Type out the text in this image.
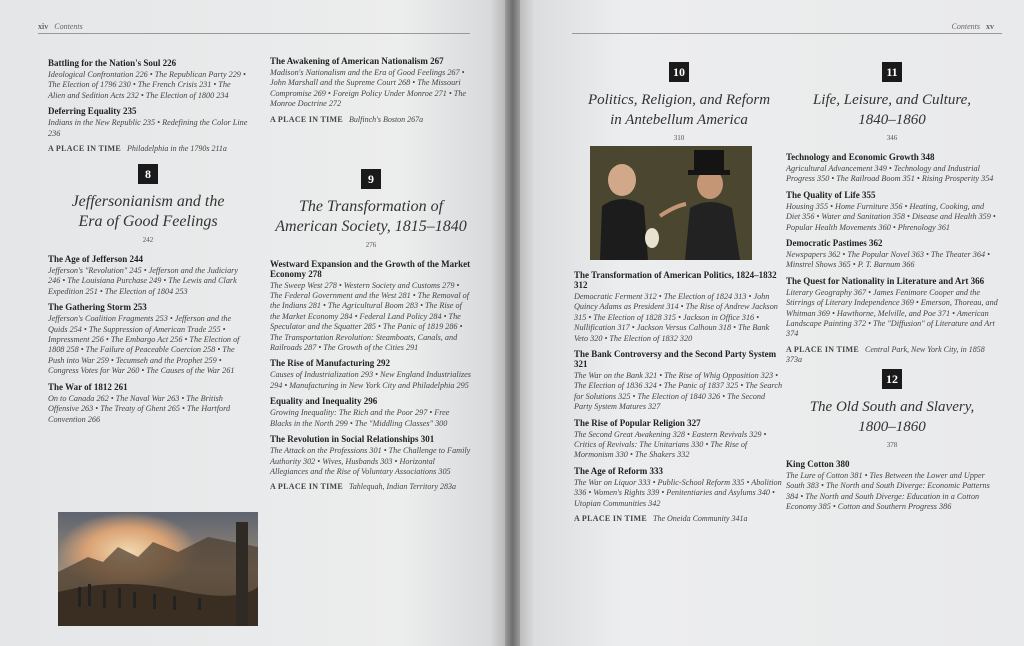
xiv Contents
Battling for the Nation's Soul 226
Ideological Confrontation 226 • The Republican Party 229 • The Election of 1796 230 • The French Crisis 231 • The Alien and Sedition Acts 232 • The Election of 1800 234
Deferring Equality 235
Indians in the New Republic 235 • Redefining the Color Line 236
A PLACE IN TIME Philadelphia in the 1790s 211a
8
Jeffersonianism and the
Era of Good Feelings
242
The Age of Jefferson 244
Jefferson's "Revolution" 245 • Jefferson and the Judiciary 246 • The Louisiana Purchase 249 • The Lewis and Clark Expedition 251 • The Election of 1804 253
The Gathering Storm 253
Jefferson's Coalition Fragments 253 • Jefferson and the Quids 254 • The Suppression of American Trade 255 • Impressment 256 • The Embargo Act 256 • The Election of 1808 258 • The Failure of Peaceable Coercion 258 • The Push into War 259 • Tecumseh and the Prophet 259 • Congress Votes for War 260 • The Causes of the War 261
The War of 1812 261
On to Canada 262 • The Naval War 263 • The British Offensive 263 • The Treaty of Ghent 265 • The Hartford Convention 266
The Awakening of American Nationalism 267
Madison's Nationalism and the Era of Good Feelings 267 • John Marshall and the Supreme Court 268 • The Missouri Compromise 269 • Foreign Policy Under Monroe 271 • The Monroe Doctrine 272
A PLACE IN TIME Bulfinch's Boston 267a
9
The Transformation of
American Society, 1815–1840
276
Westward Expansion and the Growth of the Market Economy 278
The Sweep West 278 • Western Society and Customs 279 • The Federal Government and the West 281 • The Removal of the Indians 281 • The Agricultural Boom 283 • The Rise of the Market Economy 284 • Federal Land Policy 284 • The Speculator and the Squatter 285 • The Panic of 1819 286 • The Transportation Revolution: Steamboats, Canals, and Railroads 287 • The Growth of the Cities 291
The Rise of Manufacturing 292
Causes of Industrialization 293 • New England Industrializes 294 • Manufacturing in New York City and Philadelphia 295
Equality and Inequality 296
Growing Inequality: The Rich and the Poor 297 • Free Blacks in the North 299 • The "Middling Classes" 300
The Revolution in Social Relationships 301
The Attack on the Professions 301 • The Challenge to Family Authority 302 • Wives, Husbands 303 • Horizontal Allegiances and the Rise of Voluntary Associations 305
A PLACE IN TIME Tahlequah, Indian Territory 283a
Contents xv
10
Politics, Religion, and Reform
in Antebellum America
310
The Transformation of American Politics, 1824–1832 312
Democratic Ferment 312 • The Election of 1824 313 • John Quincy Adams as President 314 • The Rise of Andrew Jackson 315 • The Election of 1828 315 • Jackson in Office 316 • Nullification 317 • Jackson Versus Calhoun 318 • The Bank Veto 320 • The Election of 1832 320
The Bank Controversy and the Second Party System 321
The War on the Bank 321 • The Rise of Whig Opposition 323 • The Election of 1836 324 • The Panic of 1837 325 • The Search for Solutions 325 • The Election of 1840 326 • The Second Party System Matures 327
The Rise of Popular Religion 327
The Second Great Awakening 328 • Eastern Revivals 329 • Critics of Revivals: The Unitarians 330 • The Rise of Mormonism 330 • The Shakers 332
The Age of Reform 333
The War on Liquor 333 • Public-School Reform 335 • Abolition 336 • Women's Rights 339 • Penitentiaries and Asylums 340 • Utopian Communities 342
A PLACE IN TIME The Oneida Community 341a
11
Life, Leisure, and Culture,
1840–1860
346
Technology and Economic Growth 348
Agricultural Advancement 349 • Technology and Industrial Progress 350 • The Railroad Boom 351 • Rising Prosperity 354
The Quality of Life 355
Housing 355 • Home Furniture 356 • Heating, Cooking, and Diet 356 • Water and Sanitation 358 • Disease and Health 359 • Popular Health Movements 360 • Phrenology 361
Democratic Pastimes 362
Newspapers 362 • The Popular Novel 363 • The Theater 364 • Minstrel Shows 365 • P. T. Barnum 366
The Quest for Nationality in Literature and Art 366
Literary Geography 367 • James Fenimore Cooper and the Stirrings of Literary Independence 369 • Emerson, Thoreau, and Whitman 369 • Hawthorne, Melville, and Poe 371 • American Landscape Painting 372 • The "Diffusion" of Literature and Art 374
A PLACE IN TIME Central Park, New York City, in 1858 373a
12
The Old South and Slavery,
1800–1860
378
King Cotton 380
The Lure of Cotton 381 • Ties Between the Lower and Upper South 383 • The North and South Diverge: Economic Patterns 384 • The North and South Diverge: Education in a Cotton Economy 385 • Cotton and Southern Progress 386
